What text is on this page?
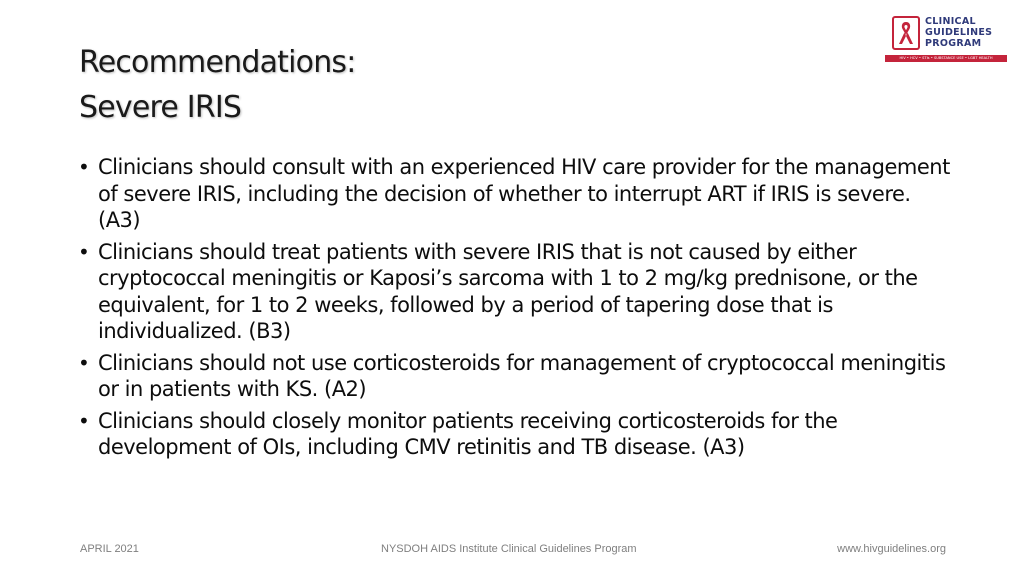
Recommendations:
Severe IRIS
CLINICAL
GUIDELINES
PROGRAM
HIV • HCV • STIs • SUBSTANCE USE • LGBT HEALTH
• Clinicians should consult with an experienced HIV care provider for the management of severe IRIS, including the decision of whether to interrupt ART if IRIS is severe. (A3)
• Clinicians should treat patients with severe IRIS that is not caused by either cryptococcal meningitis or Kaposi’s sarcoma with 1 to 2 mg/kg prednisone, or the equivalent, for 1 to 2 weeks, followed by a period of tapering dose that is individualized. (B3)
• Clinicians should not use corticosteroids for management of cryptococcal meningitis or in patients with KS. (A2)
• Clinicians should closely monitor patients receiving corticosteroids for the development of OIs, including CMV retinitis and TB disease. (A3)
APRIL 2021	NYSDOH AIDS Institute Clinical Guidelines Program	www.hivguidelines.org
